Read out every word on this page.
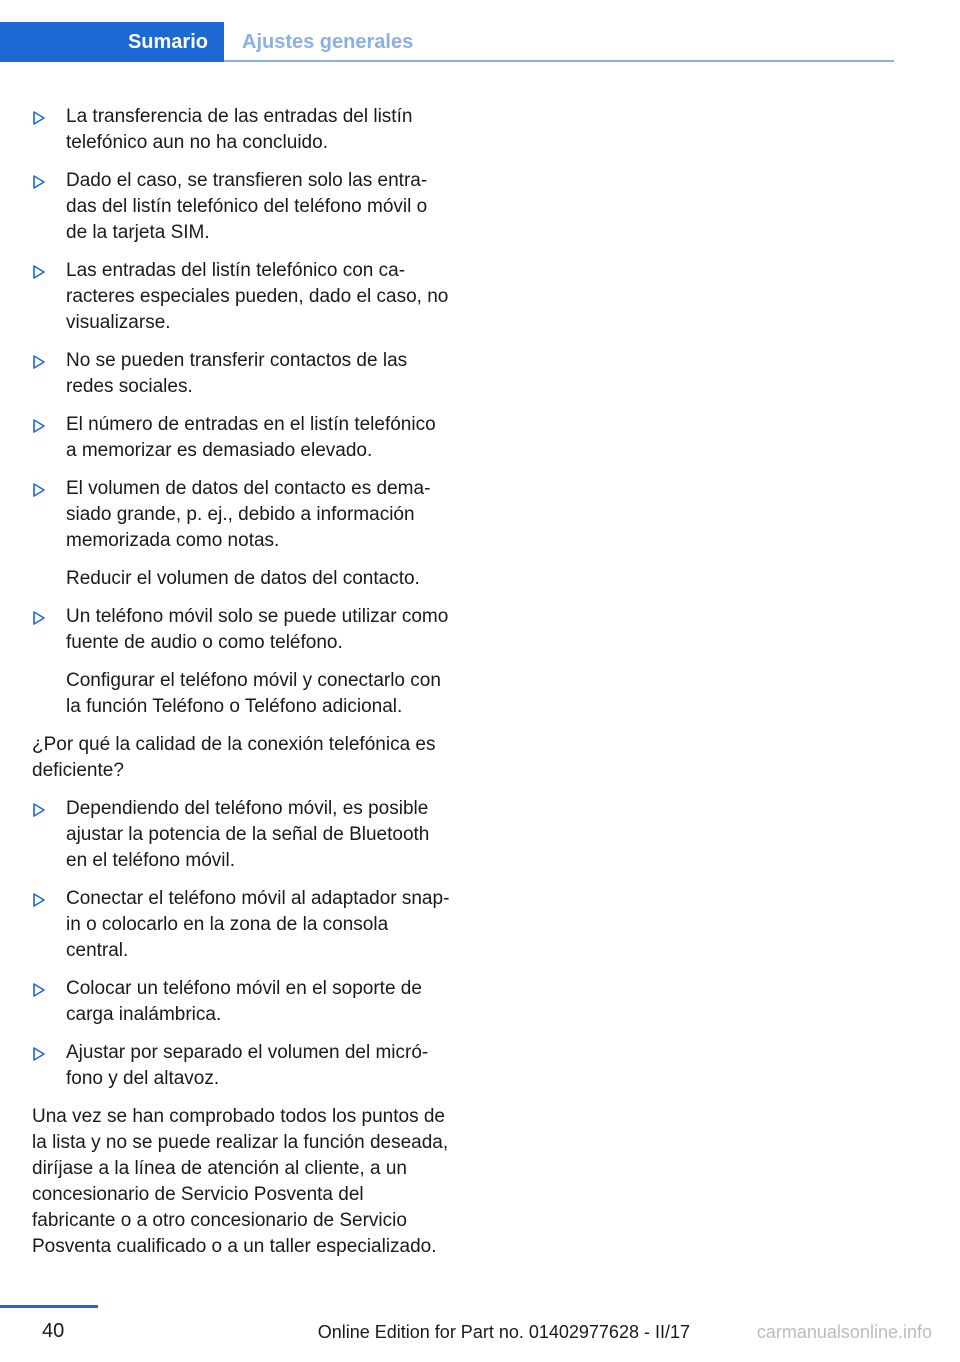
Sumario	Ajustes generales

La transferencia de las entradas del listín telefónico aun no ha concluido.

Dado el caso, se transfieren solo las entradas del listín telefónico del teléfono móvil o de la tarjeta SIM.

Las entradas del listín telefónico con caracteres especiales pueden, dado el caso, no visualizarse.

No se pueden transferir contactos de las redes sociales.

El número de entradas en el listín telefónico a memorizar es demasiado elevado.

El volumen de datos del contacto es demasiado grande, p. ej., debido a información memorizada como notas.

Reducir el volumen de datos del contacto.

Un teléfono móvil solo se puede utilizar como fuente de audio o como teléfono.

Configurar el teléfono móvil y conectarlo con la función Teléfono o Teléfono adicional.

¿Por qué la calidad de la conexión telefónica es deficiente?

Dependiendo del teléfono móvil, es posible ajustar la potencia de la señal de Bluetooth en el teléfono móvil.

Conectar el teléfono móvil al adaptador snap-in o colocarlo en la zona de la consola central.

Colocar un teléfono móvil en el soporte de carga inalámbrica.

Ajustar por separado el volumen del micrófono y del altavoz.

Una vez se han comprobado todos los puntos de la lista y no se puede realizar la función deseada, diríjase a la línea de atención al cliente, a un concesionario de Servicio Posventa del fabricante o a otro concesionario de Servicio Posventa cualificado o a un taller especializado.

40	Online Edition for Part no. 01402977628 - II/17	carmanualsonline.info
